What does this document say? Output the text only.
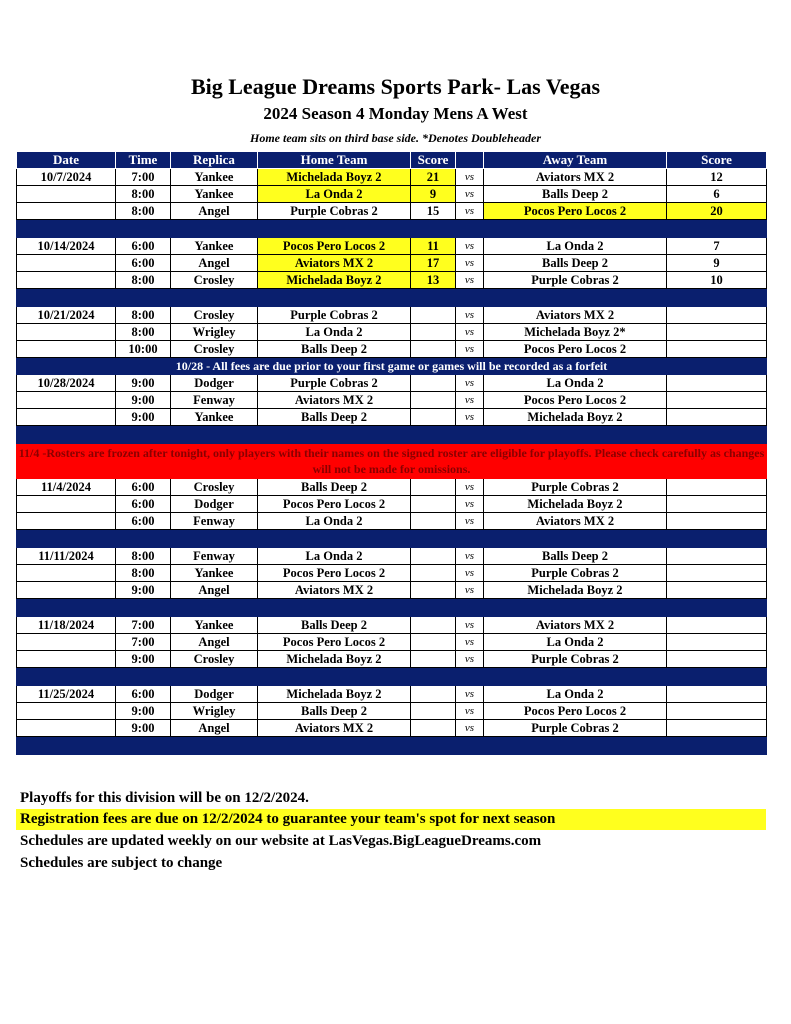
Big League Dreams Sports Park- Las Vegas
2024 Season 4 Monday Mens A West
Home team sits on third base side. *Denotes Doubleheader
Date	Time	Replica	Home Team	Score		Away Team	Score
10/7/2024	7:00	Yankee	Michelada Boyz 2	21	vs	Aviators MX 2	12
	8:00	Yankee	La Onda 2	9	vs	Balls Deep 2	6
	8:00	Angel	Purple Cobras 2	15	vs	Pocos Pero Locos 2	20

10/14/2024	6:00	Yankee	Pocos Pero Locos 2	11	vs	La Onda 2	7
	6:00	Angel	Aviators MX 2	17	vs	Balls Deep 2	9
	8:00	Crosley	Michelada Boyz 2	13	vs	Purple Cobras 2	10

10/21/2024	8:00	Crosley	Purple Cobras 2		vs	Aviators MX 2	
	8:00	Wrigley	La Onda 2		vs	Michelada Boyz 2*	
	10:00	Crosley	Balls Deep 2		vs	Pocos Pero Locos 2	
10/28 - All fees are due prior to your first game or games will be recorded as a forfeit							
10/28/2024	9:00	Dodger	Purple Cobras 2		vs	La Onda 2	
	9:00	Fenway	Aviators MX 2		vs	Pocos Pero Locos 2	
	9:00	Yankee	Balls Deep 2		vs	Michelada Boyz 2	

11/4 -Rosters are frozen after tonight, only players with their names on the signed roster are eligible for playoffs. Please check carefully as changes will not be made for omissions.							
11/4/2024	6:00	Crosley	Balls Deep 2		vs	Purple Cobras 2	
	6:00	Dodger	Pocos Pero Locos 2		vs	Michelada Boyz 2	
	6:00	Fenway	La Onda 2		vs	Aviators MX 2	

11/11/2024	8:00	Fenway	La Onda 2		vs	Balls Deep 2	
	8:00	Yankee	Pocos Pero Locos 2		vs	Purple Cobras 2	
	9:00	Angel	Aviators MX 2		vs	Michelada Boyz 2	

11/18/2024	7:00	Yankee	Balls Deep 2		vs	Aviators MX 2	
	7:00	Angel	Pocos Pero Locos 2		vs	La Onda 2	
	9:00	Crosley	Michelada Boyz 2		vs	Purple Cobras 2	

11/25/2024	6:00	Dodger	Michelada Boyz 2		vs	La Onda 2	
	9:00	Wrigley	Balls Deep 2		vs	Pocos Pero Locos 2	
	9:00	Angel	Aviators MX 2		vs	Purple Cobras 2	

Playoffs for this division will be on 12/2/2024.
Registration fees are due on 12/2/2024 to guarantee your team's spot for next season
Schedules are updated weekly on our website at LasVegas.BigLeagueDreams.com
Schedules are subject to change
